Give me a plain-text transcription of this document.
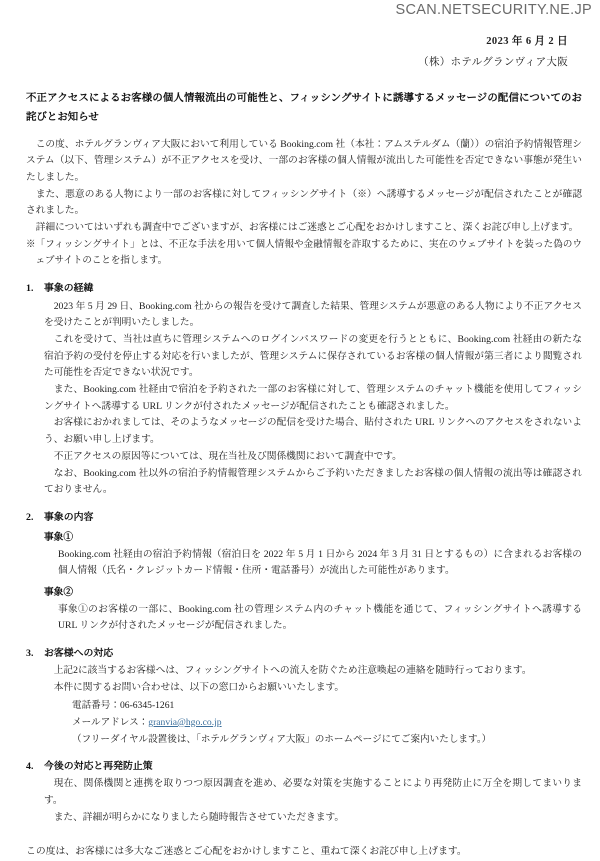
SCAN.NETSECURITY.NE.JP
2023 年 6 月 2 日
（株）ホテルグランヴィア大阪
不正アクセスによるお客様の個人情報流出の可能性と、フィッシングサイトに誘導するメッセージの配信についてのお詫びとお知らせ

この度、ホテルグランヴィア大阪において利用している Booking.com 社（本社：アムステルダム（蘭））の宿泊予約情報管理システム（以下、管理システム）が不正アクセスを受け、一部のお客様の個人情報が流出した可能性を否定できない事態が発生いたしました。

また、悪意のある人物により一部のお客様に対してフィッシングサイト（※）へ誘導するメッセージが配信されたことが確認されました。

詳細についてはいずれも調査中でございますが、お客様にはご迷惑とご心配をおかけしますこと、深くお詫び申し上げます。

※「フィッシングサイト」とは、不正な手法を用いて個人情報や金融情報を詐取するために、実在のウェブサイトを装った偽のウェブサイトのことを指します。

1.	事象の経緯

2023 年 5 月 29 日、Booking.com 社からの報告を受けて調査した結果、管理システムが悪意のある人物により不正アクセスを受けたことが判明いたしました。

これを受けて、当社は直ちに管理システムへのログインパスワードの変更を行うとともに、Booking.com 社経由の新たな宿泊予約の受付を停止する対応を行いましたが、管理システムに保存されているお客様の個人情報が第三者により閲覧された可能性を否定できない状況です。

また、Booking.com 社経由で宿泊を予約された一部のお客様に対して、管理システムのチャット機能を使用してフィッシングサイトへ誘導する URL リンクが付されたメッセージが配信されたことも確認されました。

お客様におかれましては、そのようなメッセージの配信を受けた場合、貼付された URL リンクへのアクセスをされないよう、お願い申し上げます。

不正アクセスの原因等については、現在当社及び関係機関において調査中です。

なお、Booking.com 社以外の宿泊予約情報管理システムからご予約いただきましたお客様の個人情報の流出等は確認されておりません。

2.	事象の内容
事象①

Booking.com 社経由の宿泊予約情報（宿泊日を 2022 年 5 月 1 日から 2024 年 3 月 31 日とするもの）に含まれるお客様の個人情報（氏名・クレジットカード情報・住所・電話番号）が流出した可能性があります。

事象②

事象①のお客様の一部に、Booking.com 社の管理システム内のチャット機能を通じて、フィッシングサイトへ誘導する URL リンクが付されたメッセージが配信されました。

3.	お客様への対応

上記2に該当するお客様へは、フィッシングサイトへの流入を防ぐため注意喚起の連絡を随時行っております。

本件に関するお問い合わせは、以下の窓口からお願いいたします。

電話番号：06-6345-1261
メールアドレス：granvia@hgo.co.jp
（フリーダイヤル設置後は、「ホテルグランヴィア大阪」のホームページにてご案内いたします。）
4.	今後の対応と再発防止策

現在、関係機関と連携を取りつつ原因調査を進め、必要な対策を実施することにより再発防止に万全を期してまいります。

また、詳細が明らかになりましたら随時報告させていただきます。

この度は、お客様には多大なご迷惑とご心配をおかけしますこと、重ねて深くお詫び申し上げます。
